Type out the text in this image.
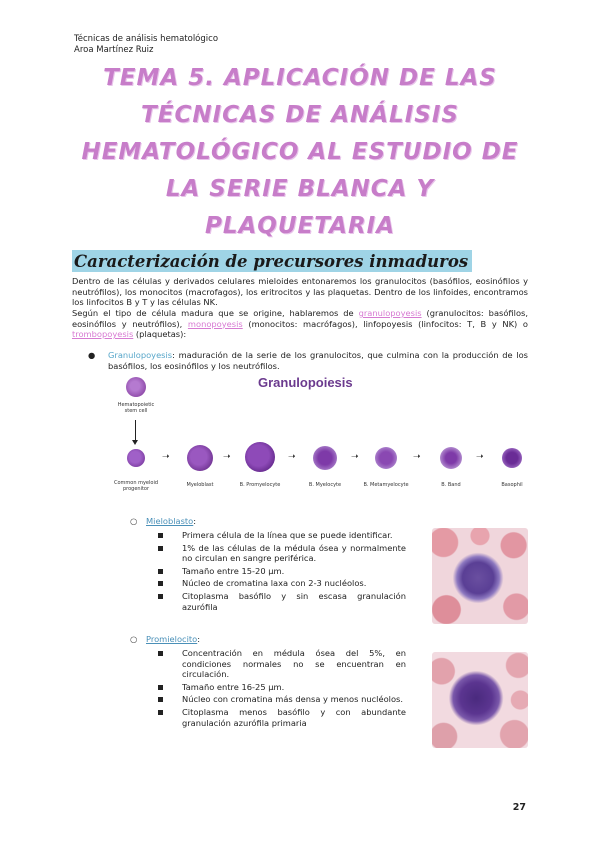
Técnicas de análisis hematológico
Aroa Martínez Ruiz
TEMA 5. APLICACIÓN DE LAS
TÉCNICAS DE ANÁLISIS
HEMATOLÓGICO AL ESTUDIO DE
LA SERIE BLANCA Y
PLAQUETARIA
Caracterización de precursores inmaduros
Dentro de las células y derivados celulares mieloides entonaremos los granulocitos (basófilos, eosinófilos y neutrófilos), los monocitos (macrofagos), los eritrocitos y las plaquetas. Dentro de los linfoides, encontramos los linfocitos B y T y las células NK.
Según el tipo de célula madura que se origine, hablaremos de granulopoyesis (granulocitos: basófilos, eosinófilos y neutrófilos), monopoyesis (monocitos: macrófagos), linfopoyesis (linfocitos: T, B y NK) o trombopoyesis (plaquetas):
● Granulopoyesis: maduración de la serie de los granulocitos, que culmina con la producción de los basófilos, los eosinófilos y los neutrófilos.
Granulopoiesis
Hematopoietic stem cell
➝	➝	➝	➝	➝	➝
Common myeloid progenitor
Myeloblast	B. Promyelocyte	B. Myelocyte	B. Metamyelocyte	B. Band	Basophil
○ Mieloblasto:
Primera célula de la línea que se puede identificar.
1% de las células de la médula ósea y normalmente no circulan en sangre periférica.
Tamaño entre 15-20 µm.
Núcleo de cromatina laxa con 2-3 nucléolos.
Citoplasma basófilo y sin escasa granulación azurófila
○ Promielocito:
Concentración en médula ósea del 5%, en condiciones normales no se encuentran en circulación.
Tamaño entre 16-25 µm.
Núcleo con cromatina más densa y menos nucléolos.
Citoplasma menos basófilo y con abundante granulación azurófila primaria
27
